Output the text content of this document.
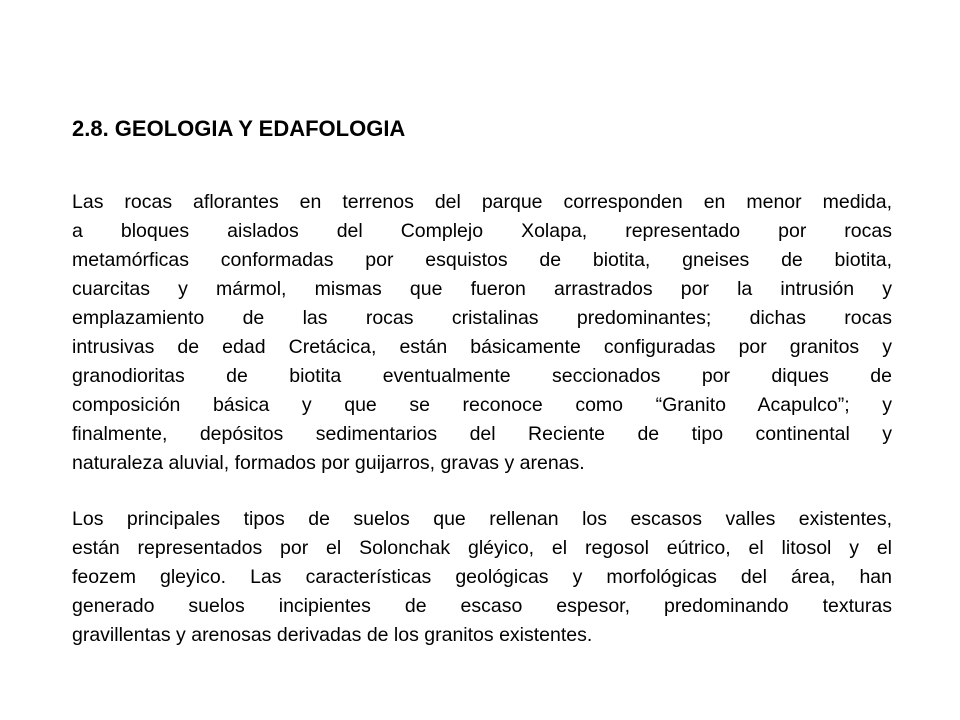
2.8. GEOLOGIA Y EDAFOLOGIA
Las rocas aflorantes en terrenos del parque corresponden en menor medida,
a bloques aislados del Complejo Xolapa, representado por rocas
metamórficas conformadas por esquistos de biotita, gneises de biotita,
cuarcitas y mármol, mismas que fueron arrastrados por la intrusión y
emplazamiento de las rocas cristalinas predominantes; dichas rocas
intrusivas de edad Cretácica, están básicamente configuradas por granitos y
granodioritas de biotita eventualmente seccionados por diques de
composición básica y que se reconoce como “Granito Acapulco”; y
finalmente, depósitos sedimentarios del Reciente de tipo continental y
naturaleza aluvial, formados por guijarros, gravas y arenas.
Los principales tipos de suelos que rellenan los escasos valles existentes,
están representados por el Solonchak gléyico, el regosol eútrico, el litosol y el
feozem gleyico. Las características geológicas y morfológicas del área, han
generado suelos incipientes de escaso espesor, predominando texturas
gravillentas y arenosas derivadas de los granitos existentes.
